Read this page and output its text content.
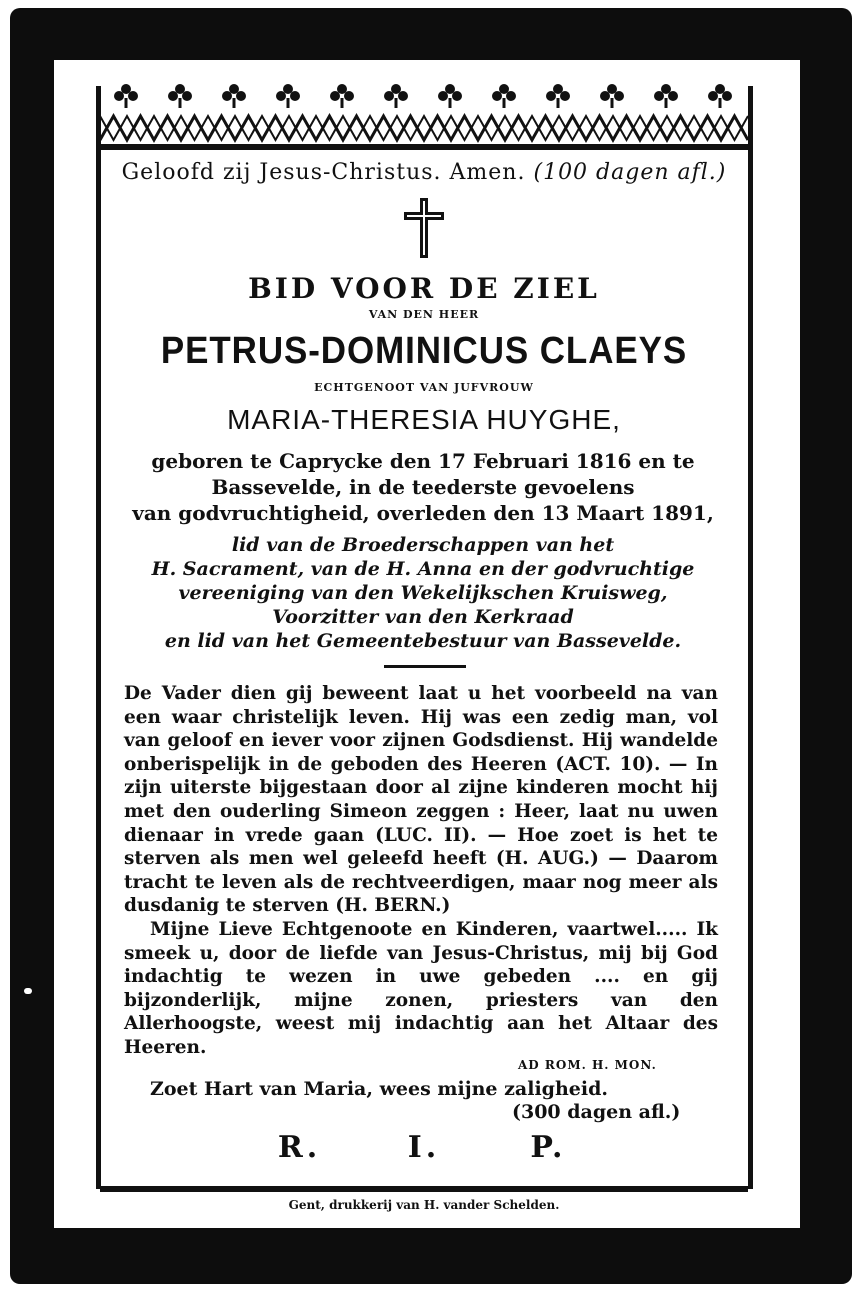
Geloofd zij Jesus-Christus. Amen. (100 dagen afl.)
BID VOOR DE ZIEL
VAN DEN HEER
PETRUS-DOMINICUS CLAEYS
ECHTGENOOT VAN JUFVROUW
MARIA-THERESIA HUYGHE,
geboren te Caprycke den 17 Februari 1816 en te
Bassevelde, in de teederste gevoelens
van godvruchtigheid, overleden den 13 Maart 1891,
lid van de Broederschappen van het
H. Sacrament, van de H. Anna en der godvruchtige
vereeniging van den Wekelijkschen Kruisweg,
Voorzitter van den Kerkraad
en lid van het Gemeentebestuur van Bassevelde.

De Vader dien gij beweent laat u het voorbeeld na van een waar christelijk leven. Hij was een zedig man, vol van geloof en iever voor zijnen Godsdienst. Hij wandelde onberispelijk in de geboden des Heeren (ACT. 10). — In zijn uiterste bijgestaan door al zijne kinderen mocht hij met den ouderling Simeon zeggen : Heer, laat nu uwen dienaar in vrede gaan (LUC. II). — Hoe zoet is het te sterven als men wel geleefd heeft (H. AUG.) — Daarom tracht te leven als de rechtveerdigen, maar nog meer als dusdanig te sterven (H. BERN.)

Mijne Lieve Echtgenoote en Kinderen, vaartwel..... Ik smeek u, door de liefde van Jesus-Christus, mij bij God indachtig te wezen in uwe gebeden .... en gij bijzonderlijk, mijne zonen, priesters van den Allerhoogste, weest mij indachtig aan het Altaar des Heeren.

AD ROM. H. MON.
Zoet Hart van Maria, wees mijne zaligheid.
(300 dagen afl.)
R.	I.	P.
Gent, drukkerij van H. vander Schelden.
